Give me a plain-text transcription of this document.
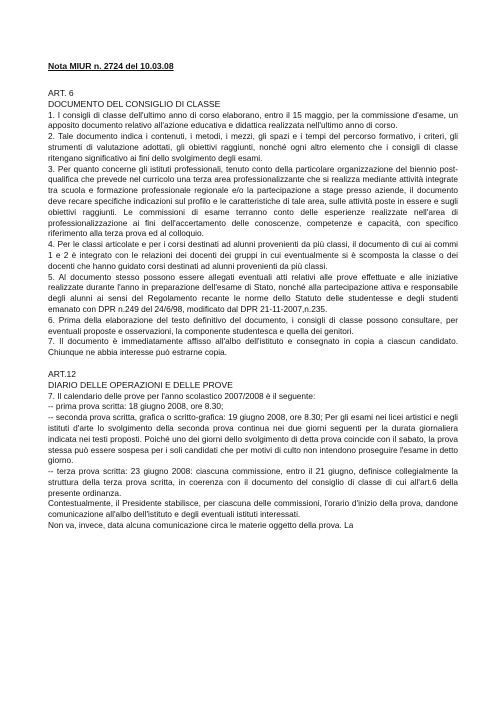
Nota MIUR n. 2724 del 10.03.08
ART. 6
DOCUMENTO DEL CONSIGLIO DI CLASSE

1. I consigli di classe dell'ultimo anno di corso elaborano, entro il 15 maggio, per la commissione d'esame, un apposito documento relativo all'azione educativa e didattica realizzata nell'ultimo anno di corso.

2. Tale documento indica i contenuti, i metodi, i mezzi, gli spazi e i tempi del percorso formativo, i criteri, gli strumenti di valutazione adottati, gli obiettivi raggiunti, nonché ogni altro elemento che i consigli di classe ritengano significativo ai fini dello svolgimento degli esami.

3. Per quanto concerne gli istituti professionali, tenuto conto della particolare organizzazione del biennio post-qualifica che prevede nel curricolo una terza area professionalizzante che si realizza mediante attività integrate tra scuola e formazione professionale regionale e/o la partecipazione a stage presso aziende, il documento deve recare specifiche indicazioni sul profilo e le caratteristiche di tale area, sulle attività poste in essere e sugli obiettivi raggiunti. Le commissioni di esame terranno conto delle esperienze realizzate nell'area di professionalizzazione ai fini dell'accertamento delle conoscenze, competenze e capacità, con specifico riferimento alla terza prova ed al colloquio.

4. Per le classi articolate e per i corsi destinati ad alunni provenienti da più classi, il documento di cui ai commi 1 e 2 è integrato con le relazioni dei docenti dei gruppi in cui eventualmente si è scomposta la classe o dei docenti che hanno guidato corsi destinati ad alunni provenienti da più classi.

5. Al documento stesso possono essere allegati eventuali atti relativi alle prove effettuate e alle iniziative realizzate durante l'anno in preparazione dell'esame di Stato, nonché alla partecipazione attiva e responsabile degli alunni ai sensi del Regolamento recante le norme dello Statuto delle studentesse e degli studenti emanato con DPR n.249 del 24/6/98, modificato dal DPR 21-11-2007,n.235.

6. Prima della elaborazione del testo definitivo del documento, i consigli di classe possono consultare, per eventuali proposte e osservazioni, la componente studentesca e quella dei genitori.

7. Il documento è immediatamente affisso all'albo dell'istituto e consegnato in copia a ciascun candidato. Chiunque ne abbia interesse può estrarne copia.

ART.12
DIARIO DELLE OPERAZIONI E DELLE PROVE

7. Il calendario delle prove per l'anno scolastico 2007/2008 è il seguente:

-- prima prova scritta: 18 giugno 2008, ore 8.30;

-- seconda prova scritta, grafica o scritto-grafica: 19 giugno 2008, ore 8.30; Per gli esami nei licei artistici e negli istituti d'arte lo svolgimento della seconda prova continua nei due giorni seguenti per la durata giornaliera indicata nei testi proposti. Poiché uno dei giorni dello svolgimento di detta prova coincide con il sabato, la prova stessa può essere sospesa per i soli candidati che per motivi di culto non intendono proseguire l'esame in detto giorno.

-- terza prova scritta: 23 giugno 2008: ciascuna commissione, entro il 21 giugno, definisce collegialmente la struttura della terza prova scritta, in coerenza con il documento del consiglio di classe di cui all'art.6 della presente ordinanza.

Contestualmente, il Presidente stabilisce, per ciascuna delle commissioni, l'orario d'inizio della prova, dandone comunicazione all'albo dell'istituto e degli eventuali istituti interessati.

Non va, invece, data alcuna comunicazione circa le materie oggetto della prova. La
